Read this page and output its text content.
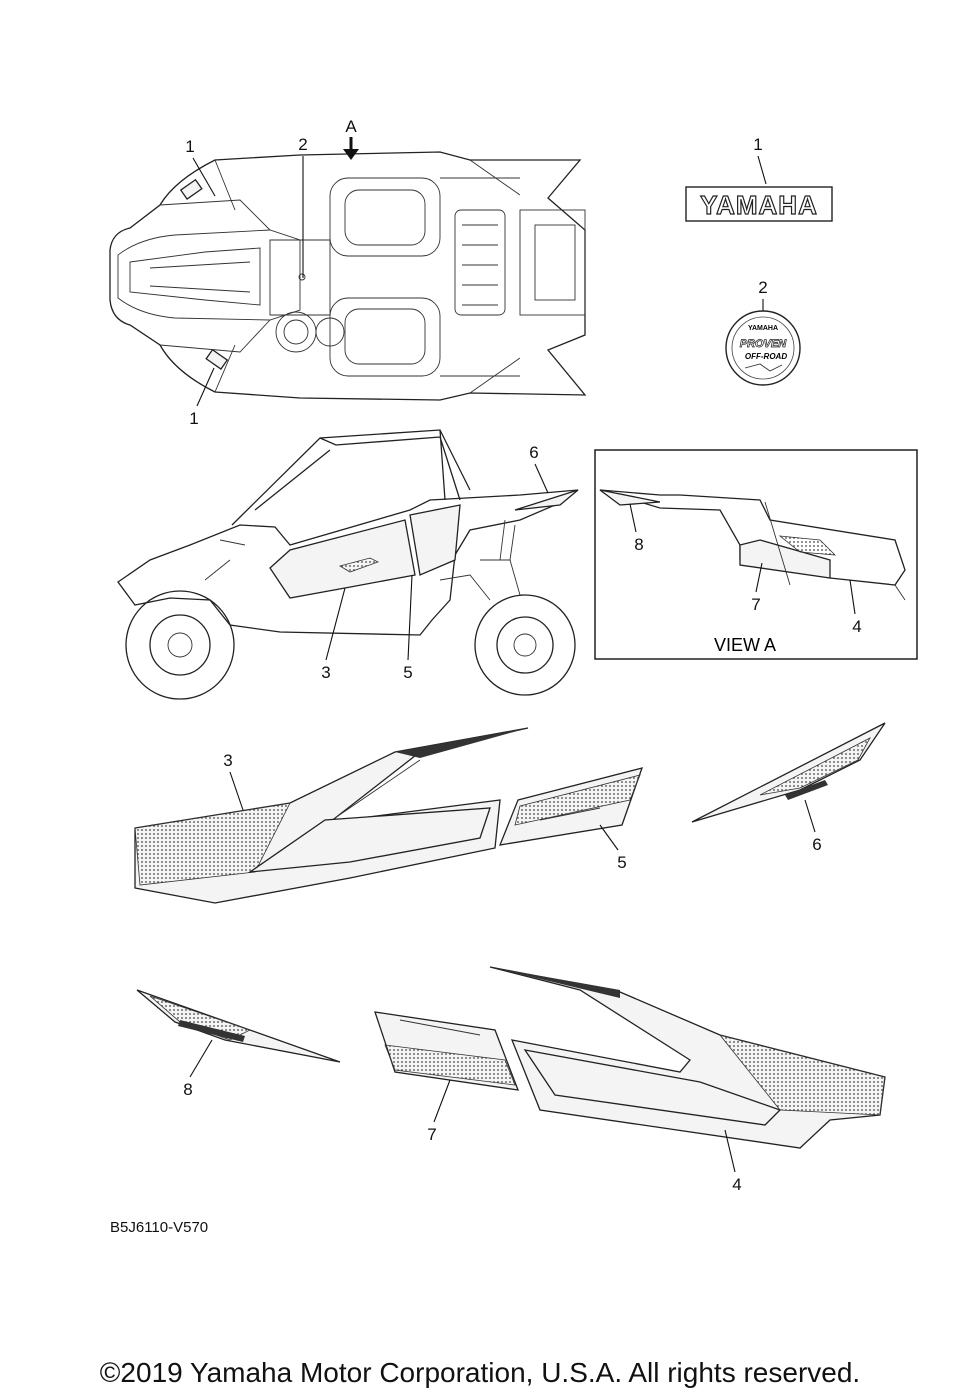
A
1	2
1
1
YAMAHA
2
YAMAHA
PROVEN
OFF-ROAD
6
3	5
VIEW A
8
7
4
3
5
6
8
7
4
B5J6110-V570
©2019 Yamaha Motor Corporation, U.S.A. All rights reserved.
